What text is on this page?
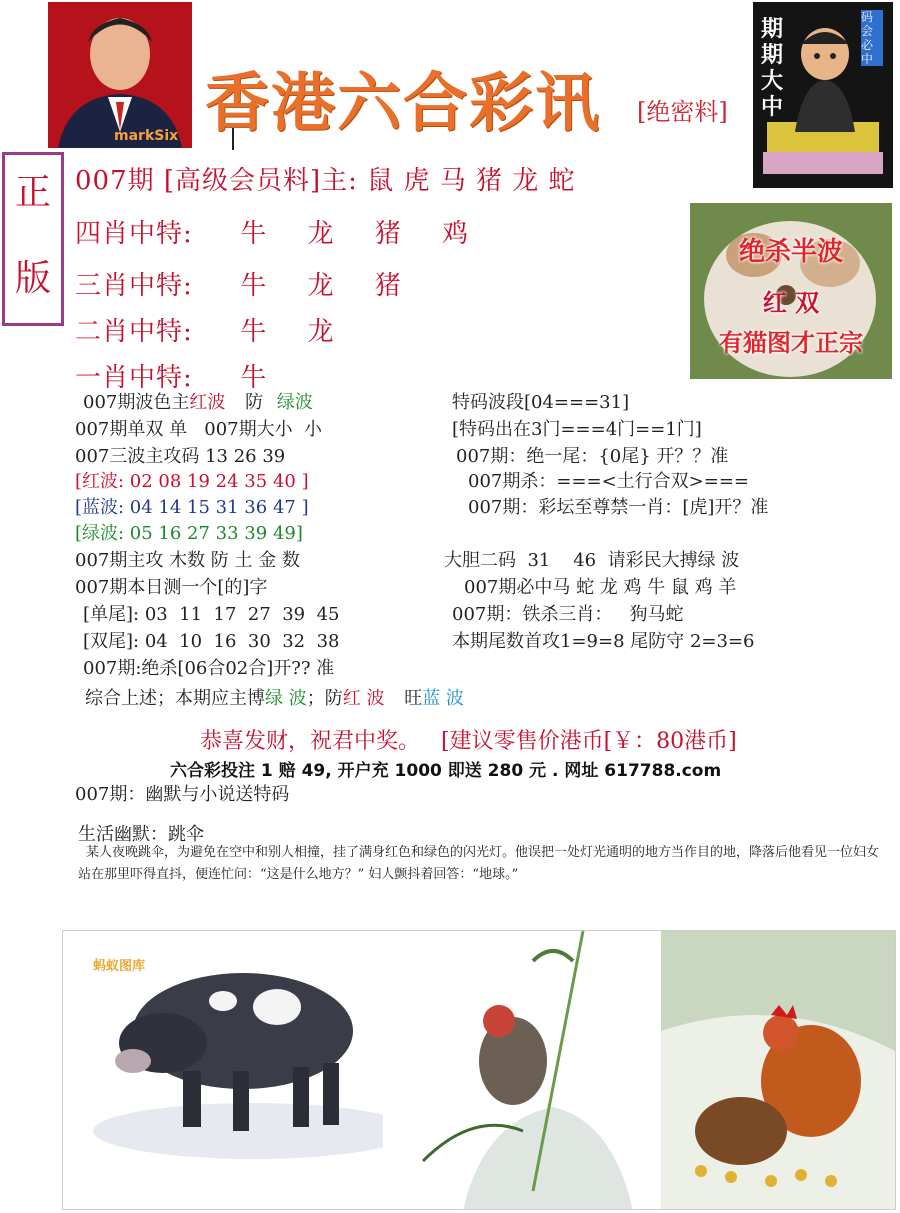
markSix 香港六合彩讯 [绝密料]
期期大中
码会必中
正
版
007期 [高级会员料]主: 鼠 虎 马 猪 龙 蛇
四肖中特: 牛 龙 猪 鸡
三肖中特: 牛 龙 猪
二肖中特: 牛 龙
一肖中特: 牛
绝杀半波
红 双
有猫图才正宗
007期波色主红波 防 绿波
007期单双 单   007期大小  小
007三波主攻码 13 26 39
[红波: 02 08 19 24 35 40 ]
[蓝波: 04 14 15 31 36 47 ]
[绿波: 05 16 27 33 39 49]
007期主攻 木数 防 土 金 数
007期本日测一个[的]字
[单尾]: 03  11  17  27  39  45
[双尾]: 04  10  16  30  32  38
007期:绝杀[06合02合]开?? 准
综合上述；本期应主博绿 波；防红 波 旺蓝 波
特码波段[04===31]
[特码出在3门===4门==1门]
007期：绝一尾：{0尾} 开？？准
007期杀：===<土行合双>===
007期：彩坛至尊禁一肖：[虎]开？准
大胆二码  31    46  请彩民大搏绿 波
007期必中马 蛇 龙 鸡 牛 鼠 鸡 羊
007期：铁杀三肖：   狗马蛇
本期尾数首攻1=9=8 尾防守 2=3=6
恭喜发财，祝君中奖。   [建议零售价港币[￥：80港币]
六合彩投注 1 赔 49, 开户充 1000 即送 280 元 . 网址 617788.com
007期：幽默与小说送特码
生活幽默：跳伞
某人夜晚跳伞，为避免在空中和别人相撞，挂了满身红色和绿色的闪光灯。他误把一处灯光通明的地方当作目的地，降落后他看见一位妇女站在那里吓得直抖，便连忙问：“这是什么地方？” 妇人颤抖着回答：“地球。”
蚂蚁图库
